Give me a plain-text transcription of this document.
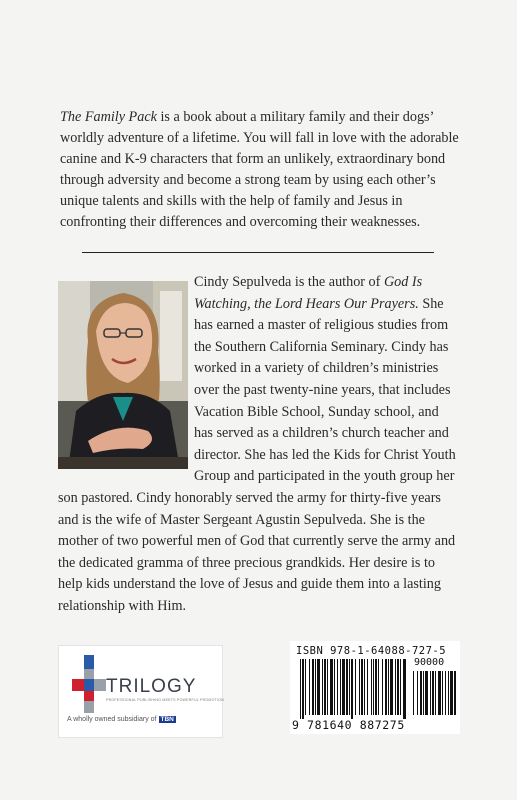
The Family Pack is a book about a military family and their dogs’ worldly adventure of a lifetime. You will fall in love with the adorable canine and K-9 characters that form an unlikely, extraordinary bond through adversity and become a strong team by using each other’s unique talents and skills with the help of family and Jesus in confronting their differences and overcoming their weaknesses.

Cindy Sepulveda is the author of God Is Watching, the Lord Hears Our Prayers. She has earned a master of religious studies from the Southern California Seminary. Cindy has worked in a variety of children’s ministries over the past twenty-nine years, that includes Vacation Bible School, Sunday school, and has served as a children’s church teacher and director. She has led the Kids for Christ Youth Group and participated in the youth group her son pastored. Cindy honorably served the army for thirty-five years and is the wife of Master Sergeant Agustin Sepulveda. She is the mother of two powerful men of God that currently serve the army and the dedicated gramma of three precious grandkids. Her desire is to help kids understand the love of Jesus and guide them into a lasting relationship with Him.

TRILOGY
PROFESSIONAL PUBLISHING MEETS POWERFUL PROMOTION
A wholly owned subsidiary of TBN
ISBN 978-1-64088-727-5
90000
9 781640 887275
